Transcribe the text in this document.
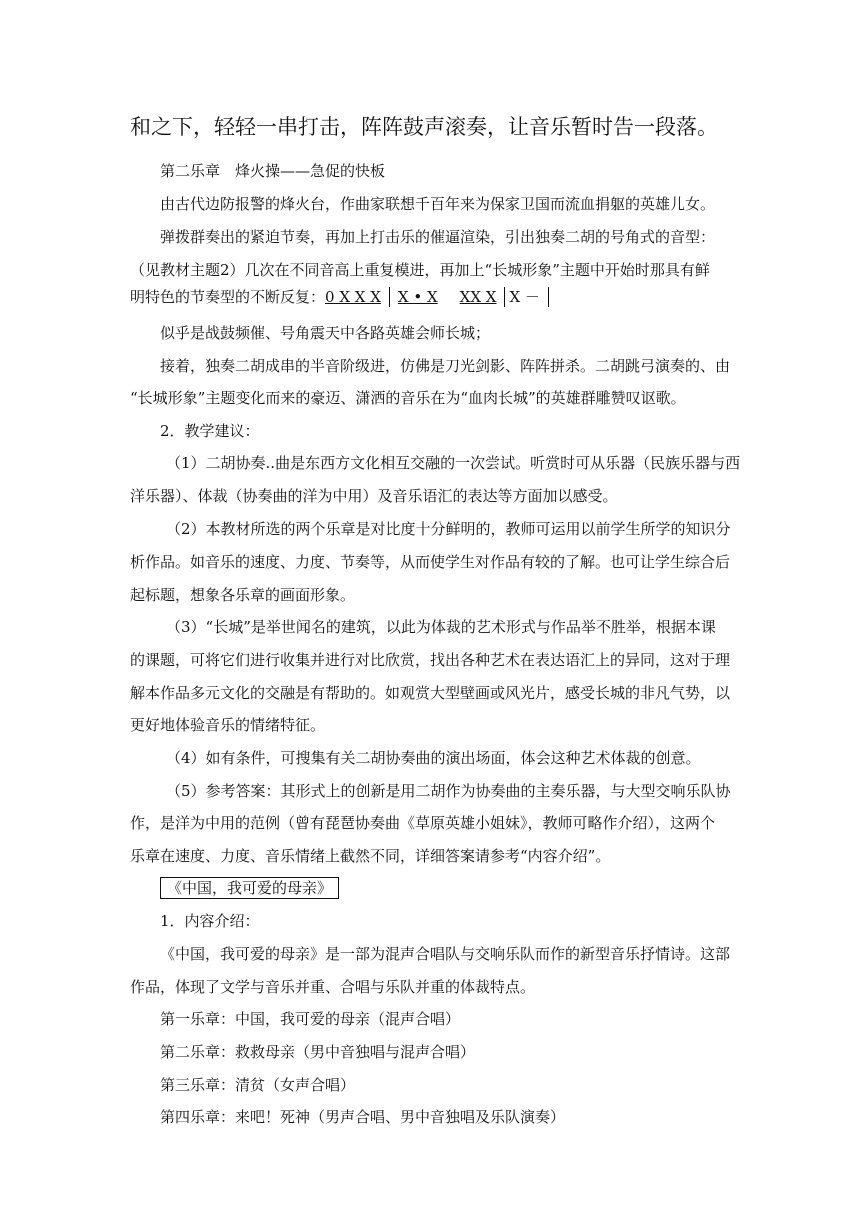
和之下，轻轻一串打击，阵阵鼓声滚奏，让音乐暂时告一段落。
第二乐章　烽火操——急促的快板
由古代边防报警的烽火台，作曲家联想千百年来为保家卫国而流血捐躯的英雄儿女。
弹拨群奏出的紧迫节奏，再加上打击乐的催逼渲染，引出独奏二胡的号角式的音型：
（见教材主题2）几次在不同音高上重复模进，再加上“长城形象”主题中开始时那具有鲜
明特色的节奏型的不断反复：0 X X X X • X XX X X －
似乎是战鼓频催、号角震天中各路英雄会师长城；
接着，独奏二胡成串的半音阶级进，仿佛是刀光剑影、阵阵拼杀。二胡跳弓演奏的、由
“长城形象”主题变化而来的豪迈、潇洒的音乐在为“血肉长城”的英雄群雕赞叹讴歌。
2．教学建议：
（1）二胡协奏..曲是东西方文化相互交融的一次尝试。听赏时可从乐器（民族乐器与西
洋乐器）、体裁（协奏曲的洋为中用）及音乐语汇的表达等方面加以感受。
（2）本教材所选的两个乐章是对比度十分鲜明的，教师可运用以前学生所学的知识分
析作品。如音乐的速度、力度、节奏等，从而使学生对作品有较的了解。也可让学生综合后
起标题，想象各乐章的画面形象。
（3）“长城”是举世闻名的建筑，以此为体裁的艺术形式与作品举不胜举，根据本课
的课题，可将它们进行收集并进行对比欣赏，找出各种艺术在表达语汇上的异同，这对于理
解本作品多元文化的交融是有帮助的。如观赏大型壁画或风光片，感受长城的非凡气势，以
更好地体验音乐的情绪特征。
（4）如有条件，可搜集有关二胡协奏曲的演出场面，体会这种艺术体裁的创意。
（5）参考答案：其形式上的创新是用二胡作为协奏曲的主奏乐器，与大型交响乐队协
作，是洋为中用的范例（曾有琵琶协奏曲《草原英雄小姐妹》，教师可略作介绍），这两个
乐章在速度、力度、音乐情绪上截然不同，详细答案请参考“内容介绍”。
《中国，我可爱的母亲》
1．内容介绍：
《中国，我可爱的母亲》是一部为混声合唱队与交响乐队而作的新型音乐抒情诗。这部
作品，体现了文学与音乐并重、合唱与乐队并重的体裁特点。
第一乐章：中国，我可爱的母亲（混声合唱）
第二乐章：救救母亲（男中音独唱与混声合唱）
第三乐章：清贫（女声合唱）
第四乐章：来吧！死神（男声合唱、男中音独唱及乐队演奏）
